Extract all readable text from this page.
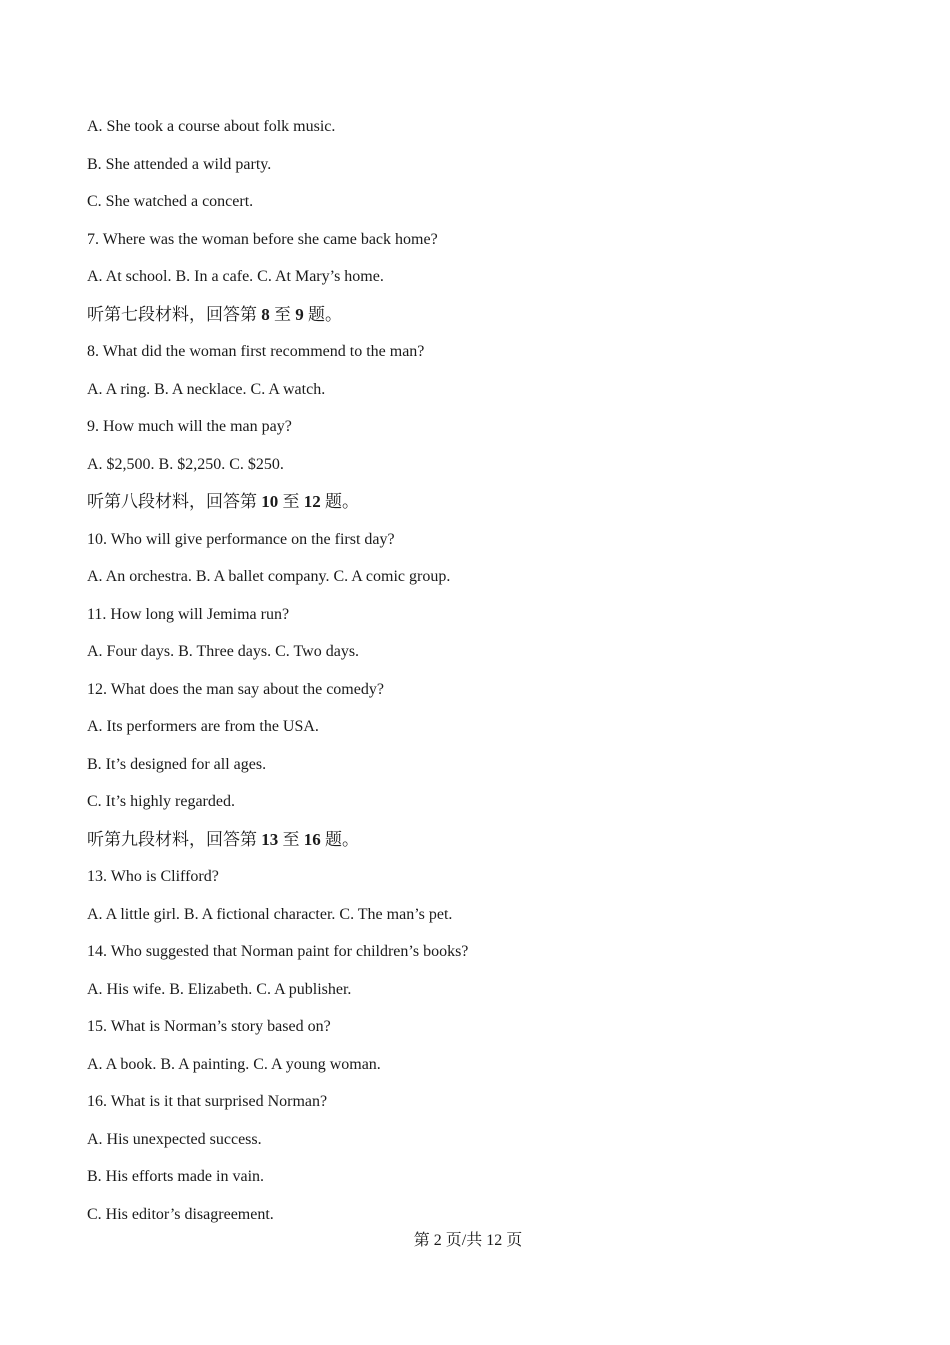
A. She took a course about folk music.
B. She attended a wild party.
C. She watched a concert.
7. Where was the woman before she came back home?
A. At school. B. In a cafe. C. At Mary’s home.
听第七段材料，回答第 8 至 9 题。
8. What did the woman first recommend to the man?
A. A ring. B. A necklace. C. A watch.
9. How much will the man pay?
A. $2,500. B. $2,250. C. $250.
听第八段材料，回答第 10 至 12 题。
10. Who will give performance on the first day?
A. An orchestra. B. A ballet company. C. A comic group.
11. How long will Jemima run?
A. Four days. B. Three days. C. Two days.
12. What does the man say about the comedy?
A. Its performers are from the USA.
B. It’s designed for all ages.
C. It’s highly regarded.
听第九段材料，回答第 13 至 16 题。
13. Who is Clifford?
A. A little girl. B. A fictional character. C. The man’s pet.
14. Who suggested that Norman paint for children’s books?
A. His wife. B. Elizabeth. C. A publisher.
15. What is Norman’s story based on?
A. A book. B. A painting. C. A young woman.
16. What is it that surprised Norman?
A. His unexpected success.
B. His efforts made in vain.
C. His editor’s disagreement.
第 2 页/共 12 页
